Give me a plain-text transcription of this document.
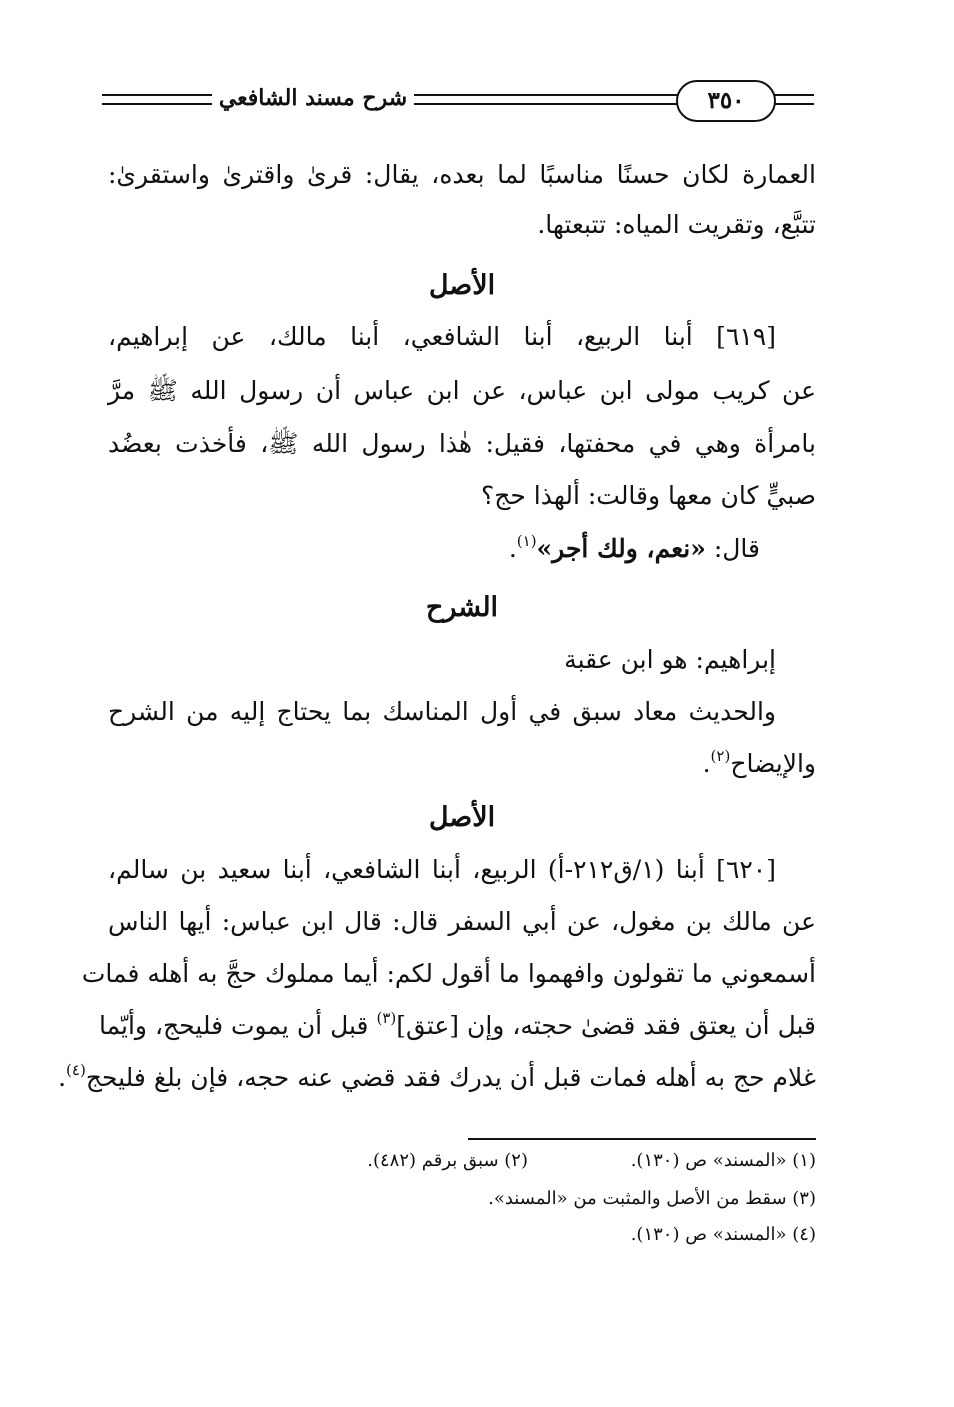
شرح مسند الشافعي	٣٥٠
العمارة لكان حسنًا مناسبًا لما بعده، يقال: قرىٰ واقترىٰ واستقرىٰ:
تتبَّع، وتقريت المياه: تتبعتها.
الأصل
[٦١٩] أبنا الربيع، أبنا الشافعي، أبنا مالك، عن إبراهيم،
عن كريب مولى ابن عباس، عن ابن عباس أن رسول الله ﷺ مرَّ
بامرأة وهي في محفتها، فقيل: هٰذا رسول الله ﷺ، فأخذت بعضُد
صبيٍّ كان معها وقالت: ألهذا حج؟
قال: «نعم، ولك أجر»$^{(١)}$.
الشرح
إبراهيم: هو ابن عقبة
والحديث معاد سبق في أول المناسك بما يحتاج إليه من الشرح
والإيضاح$^{(٢)}$.
الأصل
[٦٢٠] أبنا (١/ق٢١٢-أ) الربيع، أبنا الشافعي، أبنا سعيد بن سالم،
عن مالك بن مغول، عن أبي السفر قال: قال ابن عباس: أيها الناس
أسمعوني ما تقولون وافهموا ما أقول لكم: أيما مملوك حجَّ به أهله فمات
قبل أن يعتق فقد قضىٰ حجته، وإن [عتق]$^{(٣)}$ قبل أن يموت فليحج، وأيّما
غلام حج به أهله فمات قبل أن يدرك فقد قضي عنه حجه، فإن بلغ فليحج$^{(٤)}$.
(١) «المسند» ص (١٣٠).
(٢) سبق برقم (٤٨٢).
(٣) سقط من الأصل والمثبت من «المسند».
(٤) «المسند» ص (١٣٠).
